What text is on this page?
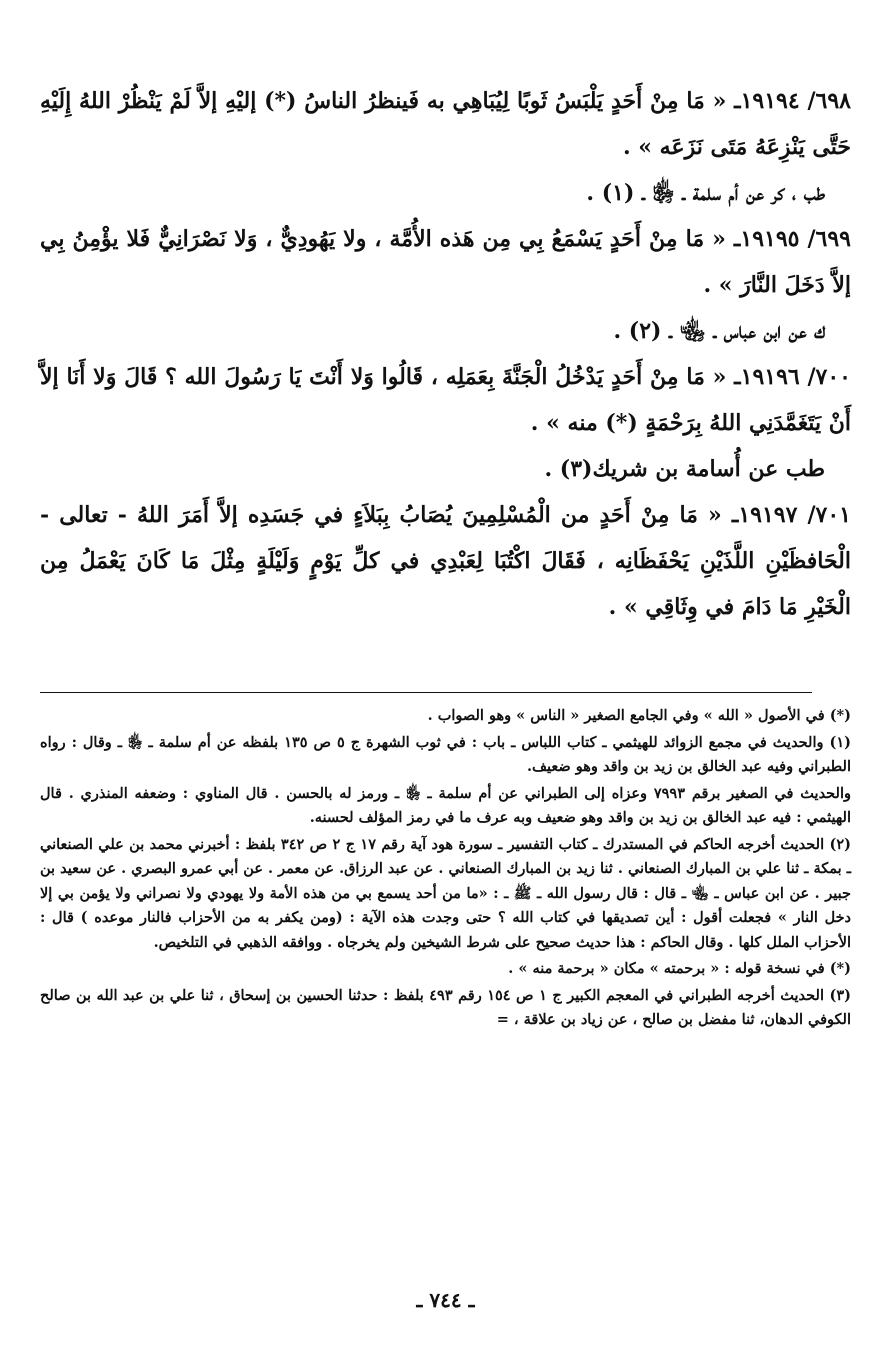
٦٩٨/ ١٩١٩٤ـ « مَا مِنْ أَحَدٍ يَلْبَسُ ثَوبًا لِيُبَاهِي به فَينظرُ الناسُ (*) إليْهِ إلاَّ لَمْ يَنْظُرْ اللهُ إِلَيْهِ حَتَّى يَنْزِعَهُ مَتَى نَزَعَه » .

طب ، كر عن أم سلمة ـ ﵂ ـ (١) .

٦٩٩/ ١٩١٩٥ـ « مَا مِنْ أَحَدٍ يَسْمَعُ بِي مِن هَذه الأُمَّة ، ولا يَهُودِيٌّ ، وَلا نَصْرَانِيٌّ فَلا يؤْمِنُ بِي إلاَّ دَخَلَ النَّارَ » .

ك عن ابن عباس ـ ﵄ ـ (٢) .

٧٠٠/ ١٩١٩٦ـ « مَا مِنْ أَحَدٍ يَدْخُلُ الْجَنَّةَ بِعَمَلِه ، قَالُوا وَلا أَنْتَ يَا رَسُولَ الله ؟ قَالَ وَلا أَنَا إلاَّ أَنْ يَتَغَمَّدَنِي اللهُ بِرَحْمَةٍ (*) منه » .

طب عن أُسامة بن شريك(٣) .

٧٠١/ ١٩١٩٧ـ « مَا مِنْ أَحَدٍ من الْمُسْلِمِينَ يُصَابُ بِبَلاَءٍ في جَسَدِه إلاَّ أَمَرَ اللهُ - تعالى - الْحَافظَيْنِ اللَّذَيْنِ يَحْفَظَانِه ، فَقَالَ اكْتُبَا لِعَبْدِي في كلِّ يَوْمٍ وَلَيْلَةٍ مِثْلَ مَا كَانَ يَعْمَلُ مِن الْخَيْرِ مَا دَامَ في وِثَاقِي » .

(*) في الأصول « الله » وفي الجامع الصغير « الناس » وهو الصواب .

(١) والحديث في مجمع الزوائد للهيثمي ـ كتاب اللباس ـ باب : في ثوب الشهرة ج ٥ ص ١٣٥ بلفظه عن أم سلمة ـ ﵂ ـ وقال : رواه الطبراني وفيه عبد الخالق بن زيد بن واقد وهو ضعيف.

والحديث في الصغير برقم ٧٩٩٣ وعزاه إلى الطبراني عن أم سلمة ـ ﵂ ـ ورمز له بالحسن . قال المناوي : وضعفه المنذري . قال الهيثمي : فيه عبد الخالق بن زيد بن واقد وهو ضعيف وبه عرف ما في رمز المؤلف لحسنه.

(٢) الحديث أخرجه الحاكم في المستدرك ـ كتاب التفسير ـ سورة هود آية رقم ١٧ ج ٢ ص ٣٤٢ بلفظ : أخبرني محمد بن علي الصنعاني ـ بمكة ـ ثنا علي بن المبارك الصنعاني . ثنا زيد بن المبارك الصنعاني . عن عبد الرزاق. عن معمر . عن أبي عمرو البصري . عن سعيد بن جبير . عن ابن عباس ـ ﵄ ـ قال : قال رسول الله ـ ﷺ ـ : «ما من أحد يسمع بي من هذه الأمة ولا يهودي ولا نصراني ولا يؤمن بي إلا دخل النار » فجعلت أقول : أين تصديقها في كتاب الله ؟ حتى وجدت هذه الآية : (ومن يكفر به من الأحزاب فالنار موعده ) قال : الأحزاب الملل كلها . وقال الحاكم : هذا حديث صحيح على شرط الشيخين ولم يخرجاه . ووافقه الذهبي في التلخيص.

(*) في نسخة قوله : « برحمته » مكان « برحمة منه » .

(٣) الحديث أخرجه الطبراني في المعجم الكبير ج ١ ص ١٥٤ رقم ٤٩٣ بلفظ : حدثنا الحسين بن إسحاق ، ثنا علي بن عبد الله بن صالح الكوفي الدهان، ثنا مفضل بن صالح ، عن زياد بن علاقة ، =

ـ ٧٤٤ ـ
